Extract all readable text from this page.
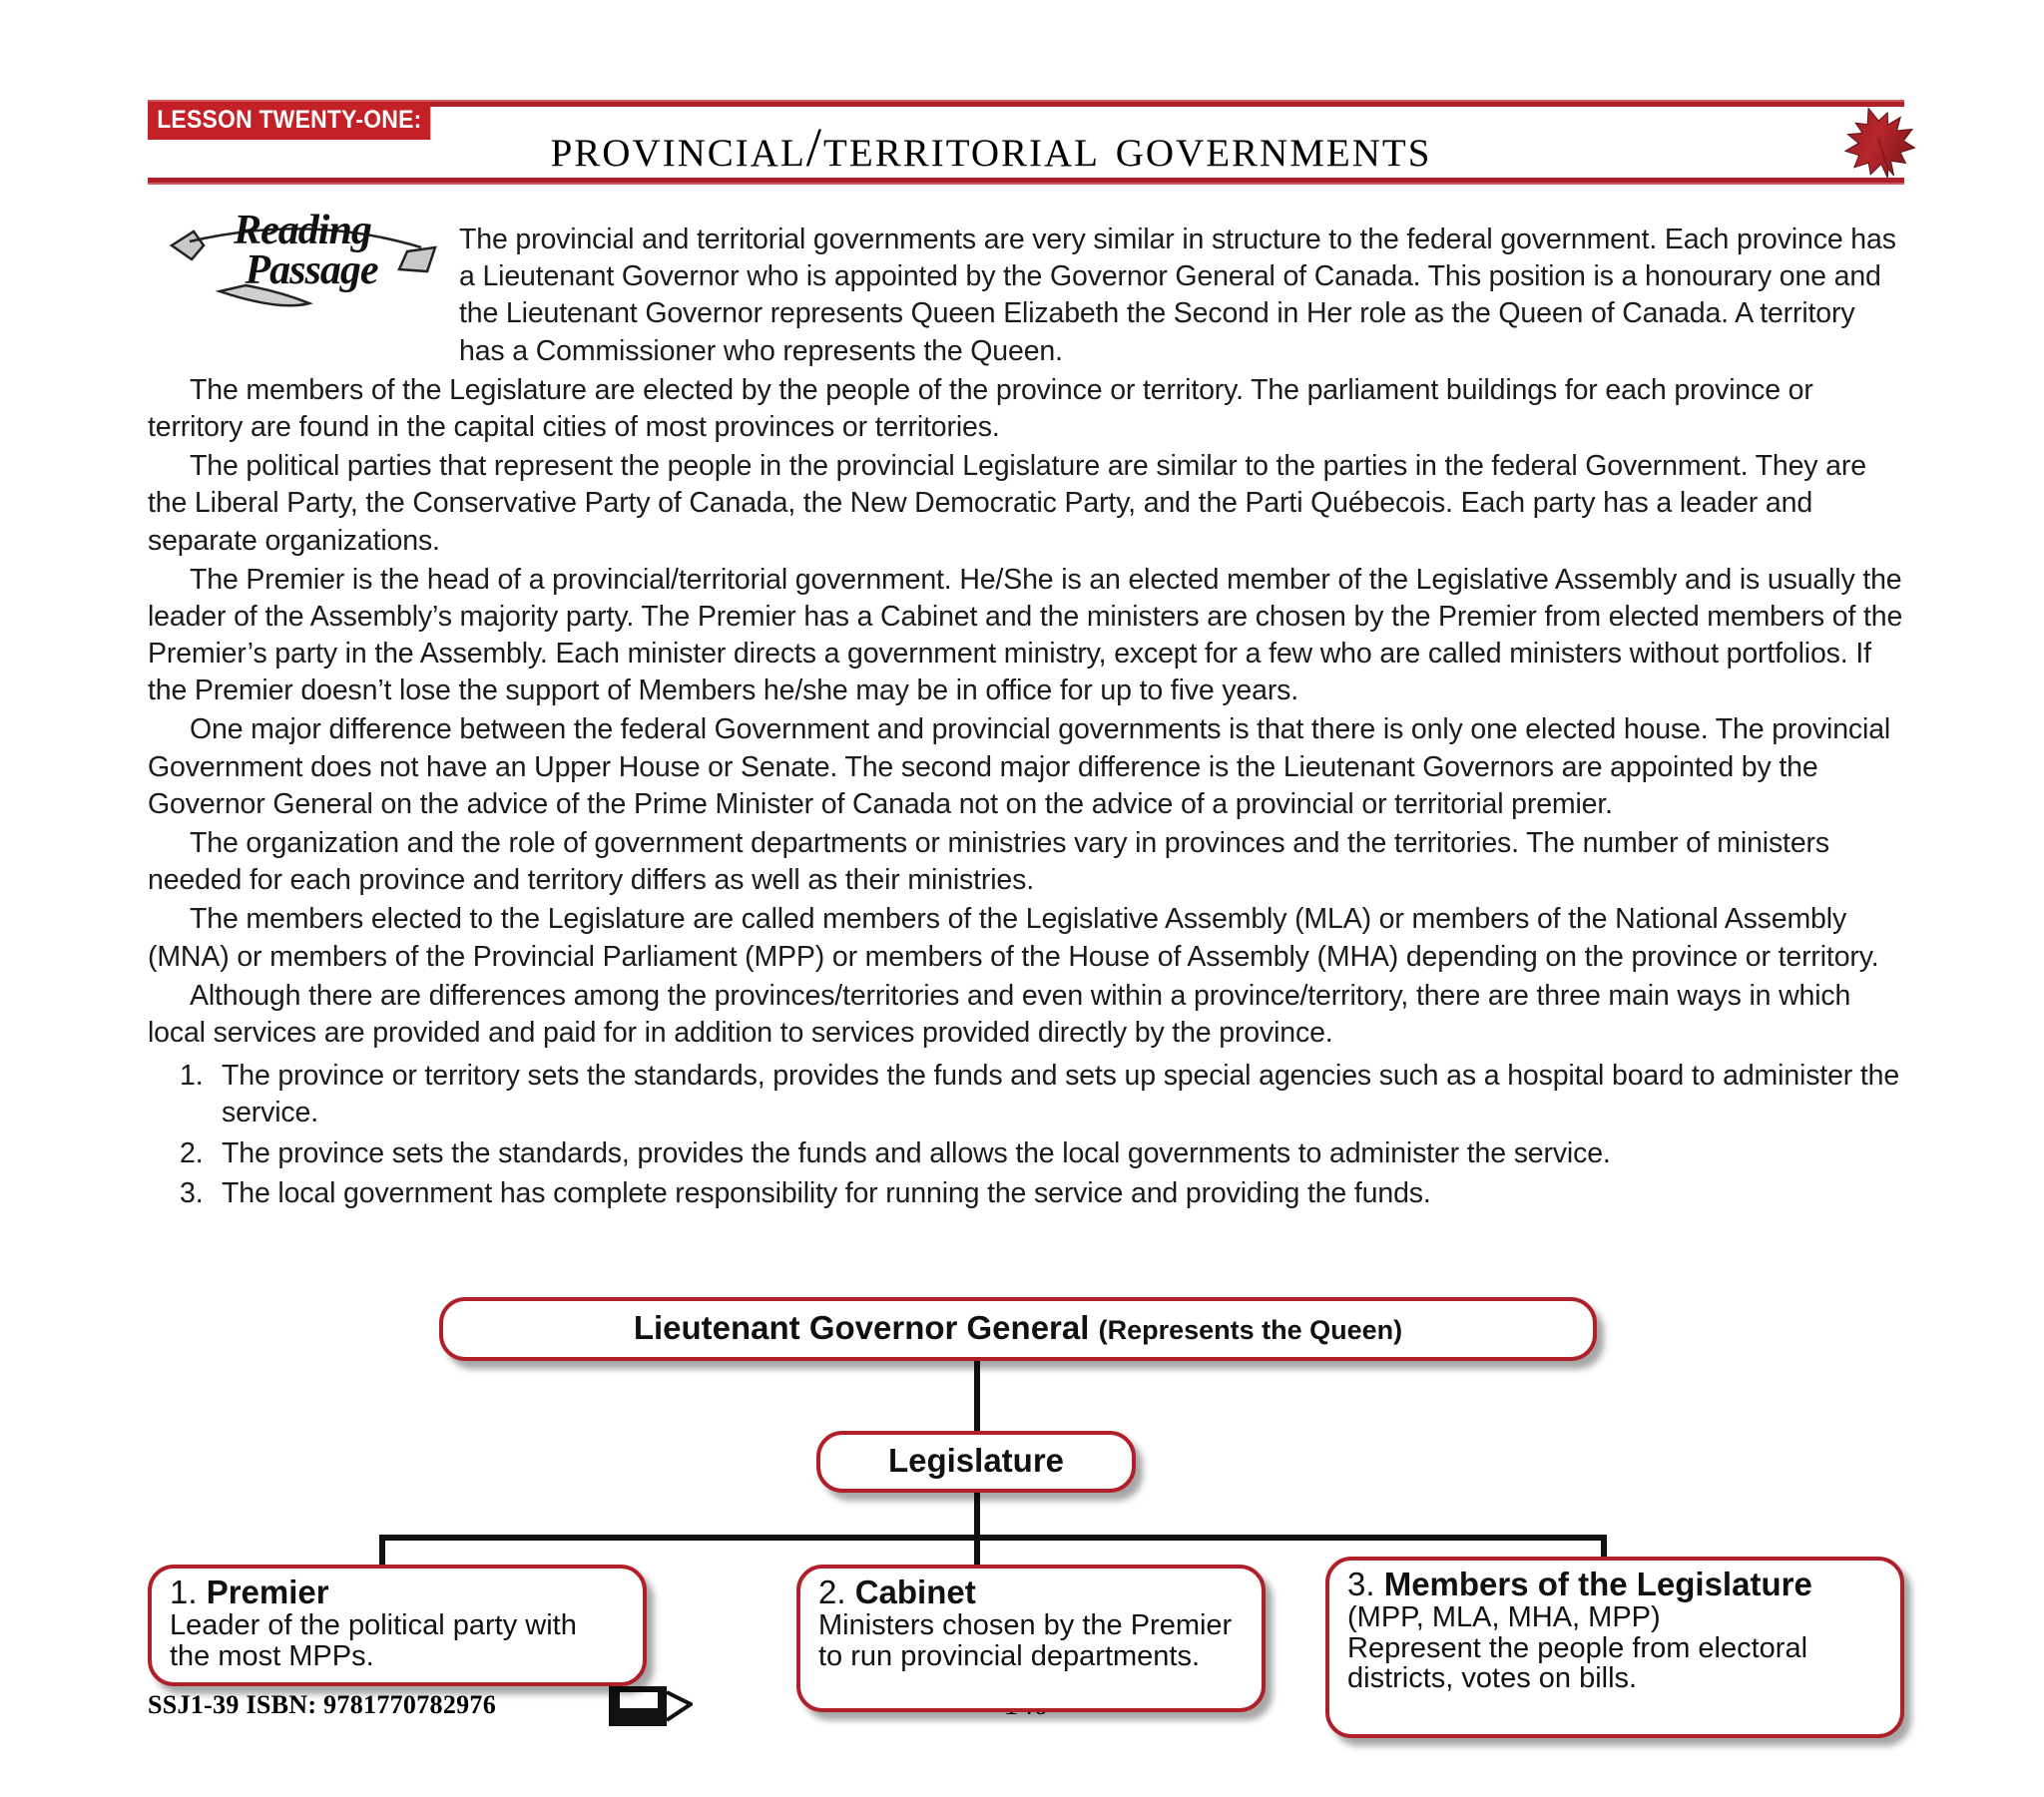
LESSON TWENTY-ONE:	provincial/territorial governments
Reading
Passage

The provincial and territorial governments are very similar in structure to the federal government. Each province has a Lieutenant Governor who is appointed by the Governor General of Canada. This position is a honourary one and the Lieutenant Governor represents Queen Elizabeth the Second in Her role as the Queen of Canada. A territory has a Commissioner who represents the Queen.

The members of the Legislature are elected by the people of the province or territory. The parliament buildings for each province or territory are found in the capital cities of most provinces or territories.

The political parties that represent the people in the provincial Legislature are similar to the parties in the federal Government. They are the Liberal Party, the Conservative Party of Canada, the New Democratic Party, and the Parti Québecois. Each party has a leader and separate organizations.

The Premier is the head of a provincial/territorial government. He/She is an elected member of the Legislative Assembly and is usually the leader of the Assembly’s majority party. The Premier has a Cabinet and the ministers are chosen by the Premier from elected members of the Premier’s party in the Assembly. Each minister directs a government ministry, except for a few who are called ministers without portfolios. If the Premier doesn’t lose the support of Members he/she may be in office for up to five years.

One major difference between the federal Government and provincial governments is that there is only one elected house. The provincial Government does not have an Upper House or Senate. The second major difference is the Lieutenant Governors are appointed by the Governor General on the advice of the Prime Minister of Canada not on the advice of a provincial or territorial premier.

The organization and the role of government departments or ministries vary in provinces and the territories. The number of ministers needed for each province and territory differs as well as their ministries.

The members elected to the Legislature are called members of the Legislative Assembly (MLA) or members of the National Assembly (MNA) or members of the Provincial Parliament (MPP) or members of the House of Assembly (MHA) depending on the province or territory.

Although there are differences among the provinces/territories and even within a province/territory, there are three main ways in which local services are provided and paid for in addition to services provided directly by the province.

The province or territory sets the standards, provides the funds and sets up special agencies such as a hospital board to administer the service.
The province sets the standards, provides the funds and allows the local governments to administer the service.
The local government has complete responsibility for running the service and providing the funds.
Lieutenant Governor General (Represents the Queen)
Legislature
1. Premier
Leader of the political party with the most MPPs.
2. Cabinet
Ministers chosen by the Premier to run provincial departments.
3. Members of the Legislature
(MPP, MLA, MHA, MPP)
Represent the people from electoral districts, votes on bills.
SSJ1-39 ISBN: 9781770782976
